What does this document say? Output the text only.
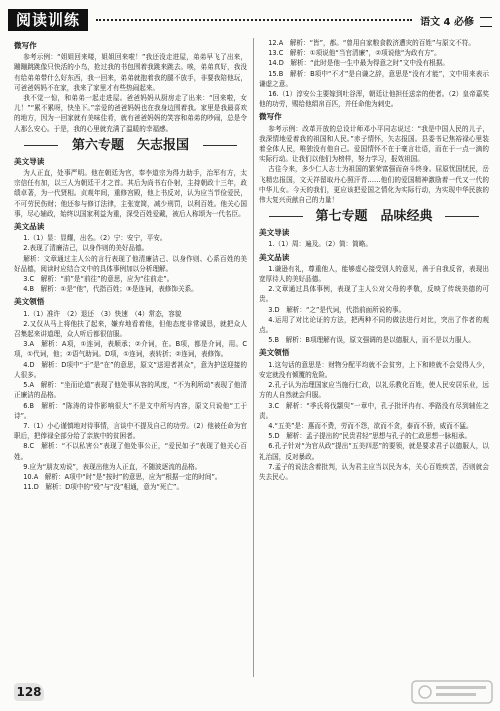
阅读训练	语文 4 必修
微写作

参考示例：“姐姐回来喽，姐姐回来啦！”我还没走进屋，弟弟早飞了出来，蹦蹦跳跳像只快活的小鸟，抢过我的书包围着我跳来跳去。唉，弟弟真好，我没有给弟弟带什么好东西，我一回来，弟弟就抱着我的腿不放手，非要我陪他玩，可爸爸妈妈不在家，我来了家里才有些热闹起来。

我不觉一惊，和弟弟一起走进屋。爸爸妈妈从厨房走了出来：“回来啦，女儿！”“累不累呀，快坐下。”亲爱的爸爸妈妈也在我身边围着我。家里是我最喜欢的地方，因为一回家就有美味佳肴，就有爸爸妈妈的笑容和弟弟的吵闹，总是令人那么安心。于是，我的心里就充满了温暖的幸福感。

第六专题　矢志报国
美文导读

为人正直，处事严明。他在朝廷为官，奉李道宗为得力助手，治军有方，太宗信任有加，以三人为朝廷干才之首。其后为尚书右仆射，主持朝政十三年，政绩卓著，为一代贤相。贞观年间，重修宫殿，他上书反对，认为应当节俭爱民，不可劳民伤财；他还参与修订法律，主张宽简，减少刑罚，以利百姓。他关心国事，尽心辅政，始终以国家利益为重，深受百姓爱戴，被后人称颂为一代名臣。

美文品读

1.（1）显：显耀，出名。（2）宁：安宁，平安。

2.表现了清廉洁己，以身作则的美好品德。

解析：文章通过主人公的言行表现了他清廉洁己、以身作则、心系百姓的美好品德，阅读时应结合文中的具体事例加以分析理解。

3.C　解析：“前”是“前往”的意思，应为“往前走”。

4.B　解析：①是“他”，代指百姓；③是连词，表修饰关系。

美文领悟

1.（1）准许　（2）退还　（3）快速　（4）常态，容貌

2.又仅从马上将他扶了起来，嫌弃地看着他，但他态度非常诚恳，就把众人召集起来讲道理，众人听后都很信服。

3.A　解析：A项，①连词，表顺承；②介词，在。B项，都是介词，用。C项，①代词，他；②语气助词。D项，①连词，表转折；②连词，表修饰。

4.D　解析：D项中“于”是“在”的意思，原文“送迎者甚众”，意为护送迎接的人很多。

5.A　解析：“坐而论道”表现了他处事从容的风度，“不为利所动”表现了他清正廉洁的品格。

6.B　解析：“陈涛的诗作影响很大”不是文中所写内容，原文只说他“工于诗”。

7.（1）小心谨慎地对待事情，言谈中不提及自己的功劳。（2）他被任命为官职后，把俸禄全部分给了亲族中的贫困者。

8.C　解析：“不以私害公”表现了他处事公正，“爱民如子”表现了他关心百姓。

9.应为“朋友劝说”，表现出他为人正直，不随波逐流的品格。

10.A　解析：A项中“时”是“按时”的意思，应为“根据一定的时间”。

11.D　解析：D项中的“殁”与“没”相通，意为“死亡”。

12.A　解析：“皆”，都。“曾用自家粮食救济遭灾的百姓”与原文不符。

13.C　解析：①项说他“当官清廉”，②项说他“为政有方”。

14.D　解析：“此时是他一生中最为得意之时”文中没有根据。

15.B　解析：B项中“不才”是自谦之辞，意思是“没有才能”，文中用来表示谦虚之意。

16.（1）淳安公主要嫁到吐谷浑，朝廷让他担任送亲的使者。（2）皇帝嘉奖他的功劳，赐给他绢帛百匹，并任命他为刺史。

微写作

参考示例：改革开放的总设计师邓小平同志说过：“我是中国人民的儿子，我深情地爱着我的祖国和人民。”赤子情怀，矢志报国。县委书记焦裕禄心里装着全体人民，唯独没有他自己。爱国情怀不在于豪言壮语，而在于一点一滴的实际行动。让我们以他们为榜样，努力学习，报效祖国。

古往今来，多少仁人志士为祖国的繁荣富强而奋斗终身。屈原忧国忧民，岳飞精忠报国，文天祥留取丹心照汗青……他们的爱国精神激励着一代又一代的中华儿女。今天的我们，更应该把爱国之情化为实际行动，为实现中华民族的伟大复兴贡献自己的力量！

第七专题　品味经典
美文导读

1.（1）周：遍及。（2）简：简略。

美文品读

1.谦逊有礼，尊重他人，能够虚心接受别人的意见，善于自我反省，表现出宽厚待人的美好品德。

2.文章通过具体事例，表现了主人公对父母的孝敬，反映了传统美德的可贵。

3.D　解析：“之”是代词，代指前面所说的事。

4.运用了对比论证的方法，把两种不同的做法进行对比，突出了作者的观点。

5.B　解析：B项理解有误，原文强调的是以德服人，而不是以力服人。

美文领悟

1.这句话的意思是：财物分配平均就不会贫穷，上下和睦就不会觉得人少，安定就没有倾覆的危险。

2.孔子认为治理国家应当施行仁政，以礼乐教化百姓，使人民安居乐业，远方的人自然就会归服。

3.C　解析：“季氏将伐颛臾”一章中，孔子批评冉有、季路没有尽到辅佐之责。

4.“五美”是：惠而不费，劳而不怨，欲而不贪，泰而不骄，威而不猛。

5.D　解析：孟子提出的“民贵君轻”思想与孔子的仁政思想一脉相承。

6.孔子针对“为官从政”提出“五美四恶”的要领，就是要求君子以德服人，以礼治国，反对暴政。

7.孟子的说法含着批判，认为君主应当以民为本，关心百姓疾苦，否则就会失去民心。

128
